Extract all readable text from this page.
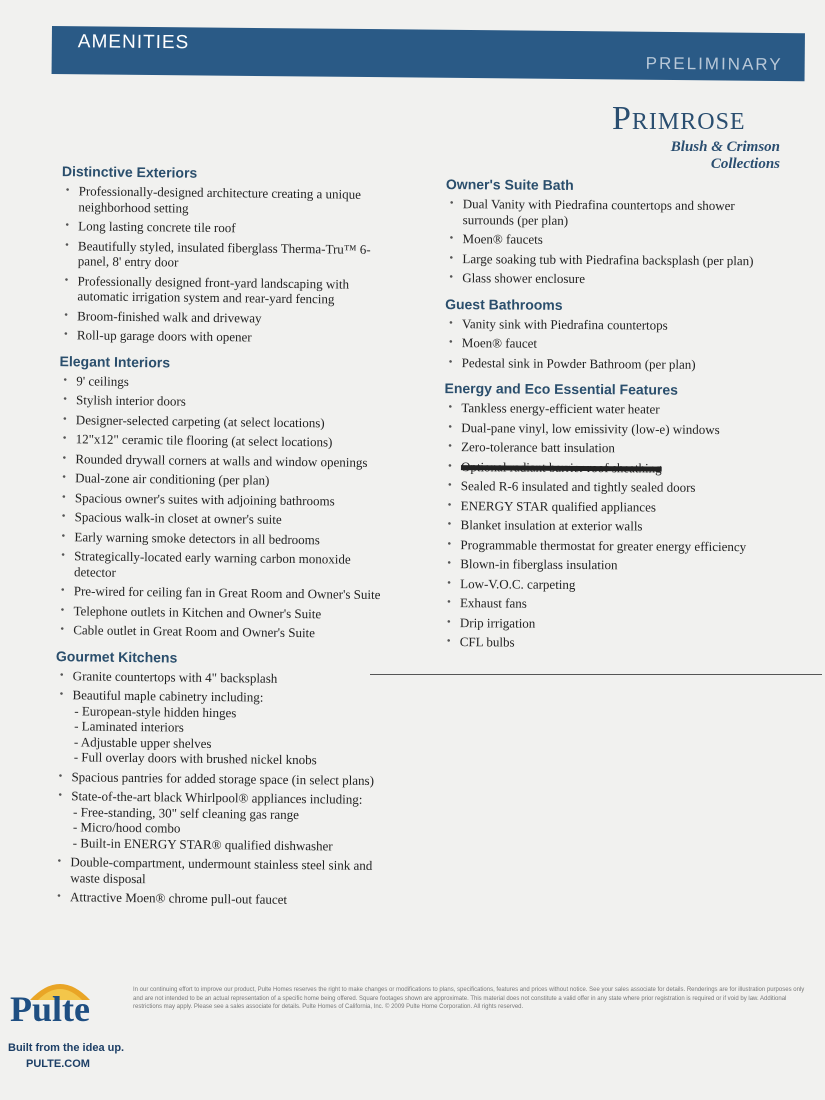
AMENITIES
PRELIMINARY
Primrose
Blush & Crimson
Collections
Distinctive Exteriors
• Professionally-designed architecture creating a unique neighborhood setting
• Long lasting concrete tile roof
• Beautifully styled, insulated fiberglass Therma-Tru™ 6-panel, 8' entry door
• Professionally designed front-yard landscaping with automatic irrigation system and rear-yard fencing
• Broom-finished walk and driveway
• Roll-up garage doors with opener
Elegant Interiors
• 9' ceilings
• Stylish interior doors
• Designer-selected carpeting (at select locations)
• 12"x12" ceramic tile flooring (at select locations)
• Rounded drywall corners at walls and window openings
• Dual-zone air conditioning (per plan)
• Spacious owner's suites with adjoining bathrooms
• Spacious walk-in closet at owner's suite
• Early warning smoke detectors in all bedrooms
• Strategically-located early warning carbon monoxide detector
• Pre-wired for ceiling fan in Great Room and Owner's Suite
• Telephone outlets in Kitchen and Owner's Suite
• Cable outlet in Great Room and Owner's Suite
Gourmet Kitchens
• Granite countertops with 4" backsplash
• Beautiful maple cabinetry including:
- European-style hidden hinges
- Laminated interiors
- Adjustable upper shelves
- Full overlay doors with brushed nickel knobs
• Spacious pantries for added storage space (in select plans)
• State-of-the-art black Whirlpool® appliances including:
- Free-standing, 30" self cleaning gas range
- Micro/hood combo
- Built-in ENERGY STAR® qualified dishwasher
• Double-compartment, undermount stainless steel sink and waste disposal
• Attractive Moen® chrome pull-out faucet
Owner's Suite Bath
• Dual Vanity with Piedrafina countertops and shower surrounds (per plan)
• Moen® faucets
• Large soaking tub with Piedrafina backsplash (per plan)
• Glass shower enclosure
Guest Bathrooms
• Vanity sink with Piedrafina countertops
• Moen® faucet
• Pedestal sink in Powder Bathroom (per plan)
Energy and Eco Essential Features
• Tankless energy-efficient water heater
• Dual-pane vinyl, low emissivity (low-e) windows
• Zero-tolerance batt insulation
• Optional radiant barrier roof sheathing
• Sealed R-6 insulated and tightly sealed doors
• ENERGY STAR qualified appliances
• Blanket insulation at exterior walls
• Programmable thermostat for greater energy efficiency
• Blown-in fiberglass insulation
• Low-V.O.C. carpeting
• Exhaust fans
• Drip irrigation
• CFL bulbs
Pulte
Built from the idea up.
PULTE.COM
In our continuing effort to improve our product, Pulte Homes reserves the right to make changes or modifications to plans, specifications, features and prices without notice. See your sales associate for details. Renderings are for illustration purposes only and are not intended to be an actual representation of a specific home being offered. Square footages shown are approximate. This material does not constitute a valid offer in any state where prior registration is required or if void by law. Additional restrictions may apply. Please see a sales associate for details. Pulte Homes of California, Inc. © 2009 Pulte Home Corporation. All rights reserved.
